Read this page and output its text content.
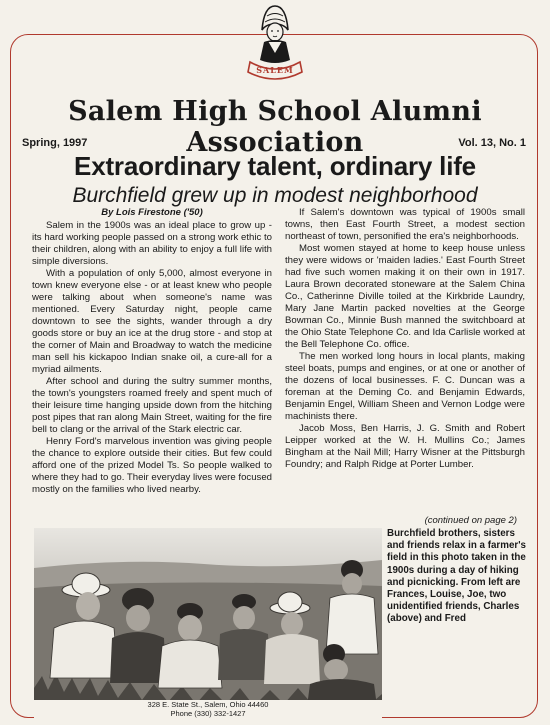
SALEM
Salem High School Alumni Association
Spring, 1997	Vol. 13, No. 1
Extraordinary talent, ordinary life
Burchfield grew up in modest neighborhood
By Lois Firestone ('50)

Salem in the 1900s was an ideal place to grow up - its hard working people passed on a strong work ethic to their children, along with an ability to enjoy a full life with simple diversions.

With a population of only 5,000, almost everyone in town knew everyone else - or at least knew who people were talking about when someone's name was mentioned. Every Saturday night, people came downtown to see the sights, wander through a dry goods store or buy an ice at the drug store - and stop at the corner of Main and Broadway to watch the medicine man sell his kickapoo Indian snake oil, a cure-all for a myriad ailments.

After school and during the sultry summer months, the town's youngsters roamed freely and spent much of their leisure time hanging upside down from the hitching post pipes that ran along Main Street, waiting for the fire bell to clang or the arrival of the Stark electric car.

Henry Ford's marvelous invention was giving people the chance to explore outside their cities. But few could afford one of the prized Model Ts. So people walked to where they had to go. Their everyday lives were focused mostly on the families who lived nearby.

If Salem's downtown was typical of 1900s small towns, then East Fourth Street, a modest section northeast of town, personified the era's neighborhoods.

Most women stayed at home to keep house unless they were widows or 'maiden ladies.' East Fourth Street had five such women making it on their own in 1917. Laura Brown decorated stoneware at the Salem China Co., Catherinne Diville toiled at the Kirkbride Laundry, Mary Jane Martin packed novelties at the George Bowman Co., Minnie Bush manned the switchboard at the Ohio State Telephone Co. and Ida Carlisle worked at the Bell Telephone Co. office.

The men worked long hours in local plants, making steel boats, pumps and engines, or at one or another of the dozens of local businesses. F. C. Duncan was a foreman at the Deming Co. and Benjamin Edwards, Benjamin Engel, William Sheen and Vernon Lodge were machinists there.

Jacob Moss, Ben Harris, J. G. Smith and Robert Leipper worked at the W. H. Mullins Co.; James Bingham at the Nail Mill; Harry Wisner at the Pittsburgh Foundry; and Ralph Ridge at Porter Lumber.

(continued on page 2)
Burchfield brothers, sisters and friends relax in a farmer's field in this photo taken in the 1900s during a day of hiking and picnicking. From left are Frances, Louise, Joe, two unidentified friends, Charles (above) and Fred
328 E. State St., Salem, Ohio 44460
Phone (330) 332-1427
